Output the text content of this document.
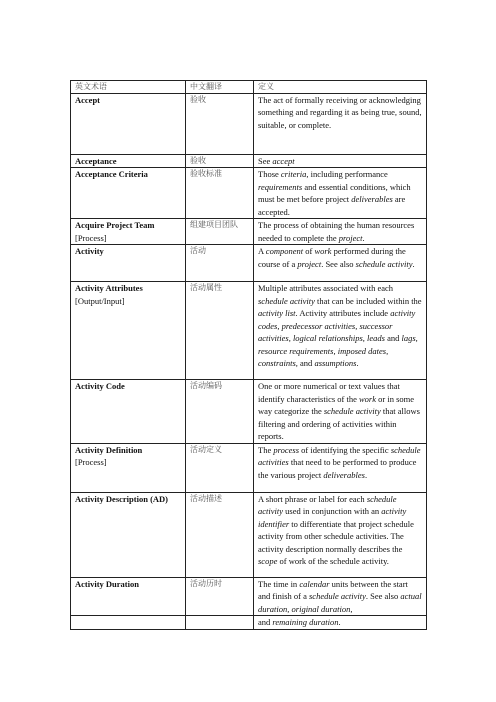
英文术语	中文翻译	定义
Accept	验收	The act of formally receiving or acknowledging something and regarding it as being true, sound, suitable, or complete.
Acceptance	验收	See accept
Acceptance Criteria	验收标准	Those criteria, including performance requirements and essential conditions, which must be met before project deliverables are accepted.
Acquire Project Team
[Process]	组建项目团队	The process of obtaining the human resources needed to complete the project.
Activity	活动	A component of work performed during the course of a project. See also schedule activity.
Activity Attributes
[Output/Input]	活动属性	Multiple attributes associated with each schedule activity that can be included within the activity list. Activity attributes include activity codes, predecessor activities, successor activities, logical relationships, leads and lags, resource requirements, imposed dates, constraints, and assumptions.
Activity Code	活动编码	One or more numerical or text values that identify characteristics of the work or in some way categorize the schedule activity that allows filtering and ordering of activities within reports.
Activity Definition
[Process]	活动定义	The process of identifying the specific schedule activities that need to be performed to produce the various project deliverables.
Activity Description (AD)	活动描述	A short phrase or label for each schedule activity used in conjunction with an activity identifier to differentiate that project schedule activity from other schedule activities. The activity description normally describes the scope of work of the schedule activity.
Activity Duration	活动历时	The time in calendar units between the start and finish of a schedule activity. See also actual duration, original duration,
		and remaining duration.
